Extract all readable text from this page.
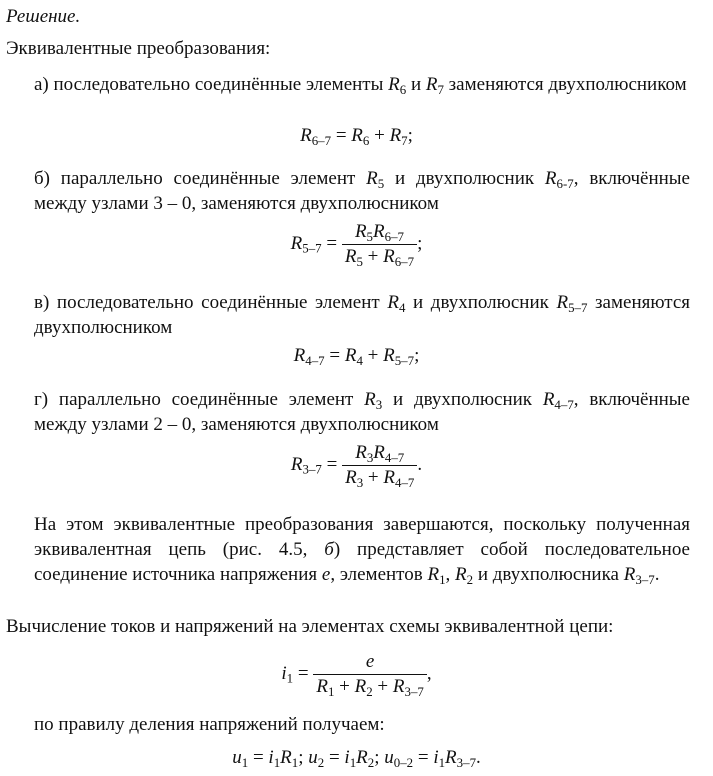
Решение.
Эквивалентные преобразования:
а) последовательно соединённые элементы $R_6$ и $R_7$ заменяются двухполюсником
$R_{6-7} = R_6 + R_7$;
б) параллельно соединённые элемент $R_5$ и двухполюсник $R_{6-7}$, включённые между узлами 3 – 0, заменяются двухполюсником
$R_{5-7} = \frac{R_5R_{6-7}}{R_5 + R_{6-7}}$ ;
в) последовательно соединённые элемент $R_4$ и двухполюсник $R_{5-7}$ заменяются двухполюсником
$R_{4-7} = R_4 + R_{5-7}$;
г) параллельно соединённые элемент $R_3$ и двухполюсник $R_{4-7}$, включённые между узлами 2 – 0, заменяются двухполюсником
$R_{3-7} = \frac{R_3R_{4-7}}{R_3 + R_{4-7}}$ .
На этом эквивалентные преобразования завершаются, поскольку полученная эквивалентная цепь (рис. 4.5, б) представляет собой последовательное соединение источника напряжения e, элементов $R_1$, $R_2$ и двухполюсника $R_{3-7}$.
Вычисление токов и напряжений на элементах схемы эквивалентной цепи:
$i_1 = \frac{e}{R_1 + R_2 + R_{3-7}}$ ,
по правилу деления напряжений получаем:
$u_1 = i_1R_1$; $u_2 = i_1R_2$; $u_{0-2} = i_1R_{3-7}$.
